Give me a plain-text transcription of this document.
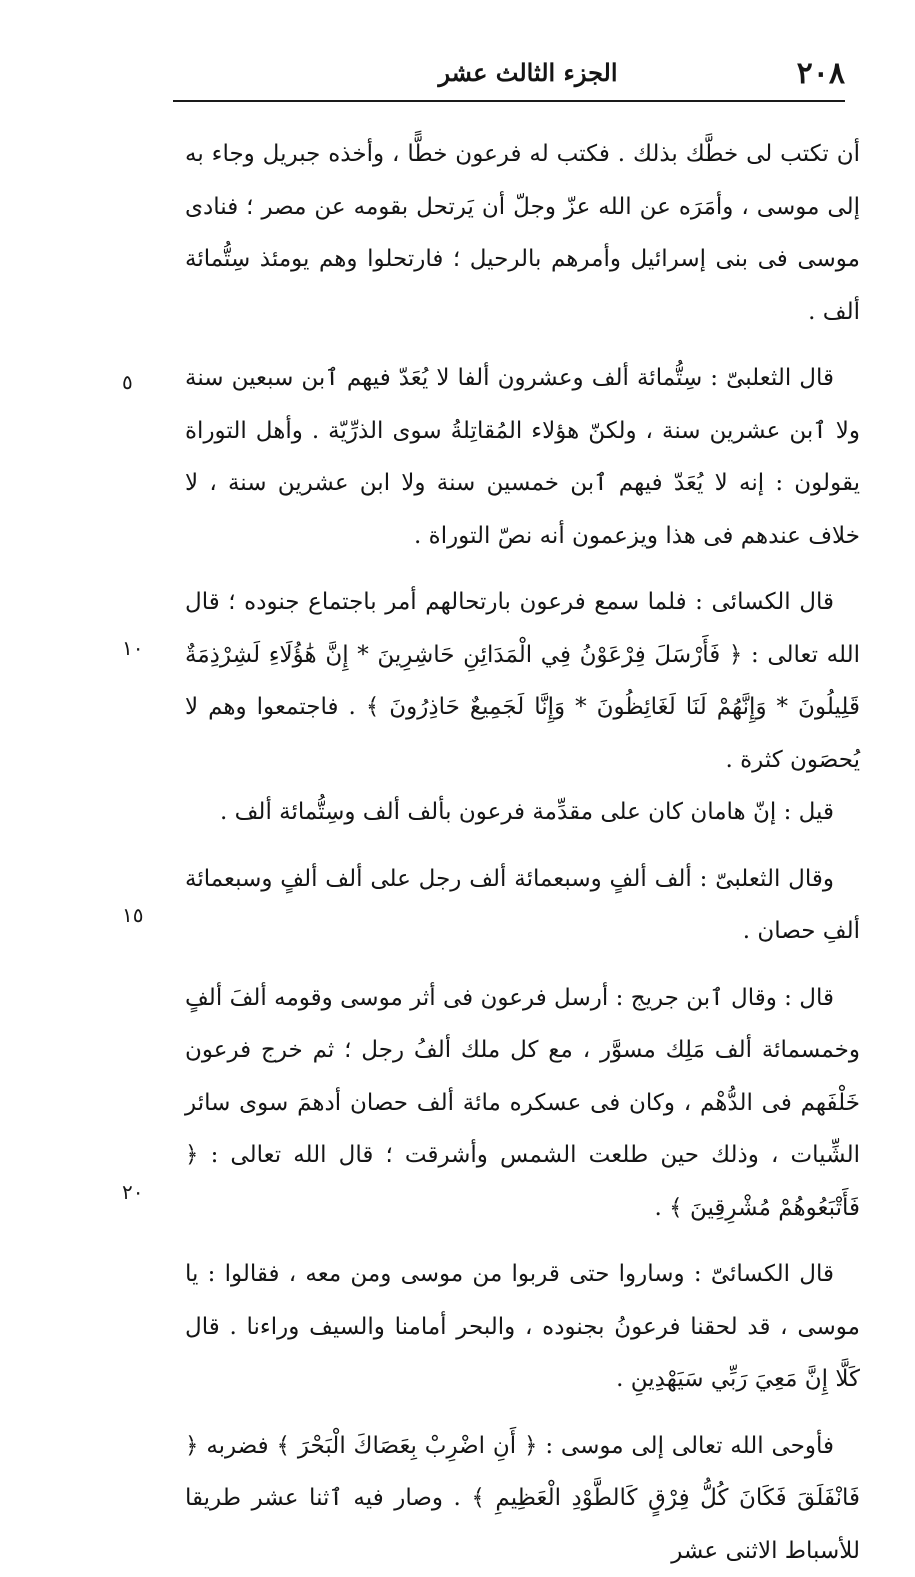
٢٠٨
الجزء الثالث عشر

أن تكتب لى خطَّك بذلك . فكتب له فرعون خطًّا ، وأخذه جبريل وجاء به إلى موسى ، وأمَرَه عن الله عزّ وجلّ أن يَرتحل بقومه عن مصر ؛ فنادى موسى فى بنى إسرائيل وأمرهم بالرحيل ؛ فارتحلوا وهم يومئذ سِتُّمائة ألف .

قال الثعلبىّ : سِتُّمائة ألف وعشرون ألفا لا يُعَدّ فيهم ٱبن سبعين سنة ولا ٱبن عشرين سنة ، ولكنّ هؤلاء المُقاتِلةُ سوى الذرِّيّة . وأهل التوراة يقولون : إنه لا يُعَدّ فيهم ٱبن خمسين سنة ولا ابن عشرين سنة ، لا خلاف عندهم فى هذا ويزعمون أنه نصّ التوراة .

قال الكسائى : فلما سمع فرعون بارتحالهم أمر باجتماع جنوده ؛ قال الله تعالى : ﴿ فَأَرْسَلَ فِرْعَوْنُ فِي الْمَدَائِنِ حَاشِرِينَ * إِنَّ هَٰؤُلَاءِ لَشِرْذِمَةٌ قَلِيلُونَ * وَإِنَّهُمْ لَنَا لَغَائِظُونَ * وَإِنَّا لَجَمِيعٌ حَاذِرُونَ ﴾ . فاجتمعوا وهم لا يُحصَون كثرة .

قيل : إنّ هامان كان على مقدِّمة فرعون بألف ألف وسِتُّمائة ألف .

وقال الثعلبىّ : ألف ألفٍ وسبعمائة ألف رجل على ألف ألفٍ وسبعمائة ألفِ حصان .

قال : وقال ٱبن جريج : أرسل فرعون فى أثر موسى وقومه ألفَ ألفٍ وخمسمائة ألف مَلِك مسوَّر ، مع كل ملك ألفُ رجل ؛ ثم خرج فرعون خَلْفَهم فى الدُّهْم ، وكان فى عسكره مائة ألف حصان أدهمَ سوى سائر الشِّيات ، وذلك حين طلعت الشمس وأشرقت ؛ قال الله تعالى : ﴿ فَأَتْبَعُوهُمْ مُشْرِقِينَ ﴾ .

قال الكسائىّ : وساروا حتى قربوا من موسى ومن معه ، فقالوا : يا موسى ، قد لحقنا فرعونُ بجنوده ، والبحر أمامنا والسيف وراءنا . قال كَلَّا إِنَّ مَعِيَ رَبِّي سَيَهْدِينِ .

فأوحى الله تعالى إلى موسى : ﴿ أَنِ اضْرِبْ بِعَصَاكَ الْبَحْرَ ﴾ فضربه ﴿ فَانْفَلَقَ فَكَانَ كُلُّ فِرْقٍ كَالطَّوْدِ الْعَظِيمِ ﴾ . وصار فيه ٱثنا عشر طريقا للأسباط الاثنى عشر

٥
١٠
١٥
٢٠
